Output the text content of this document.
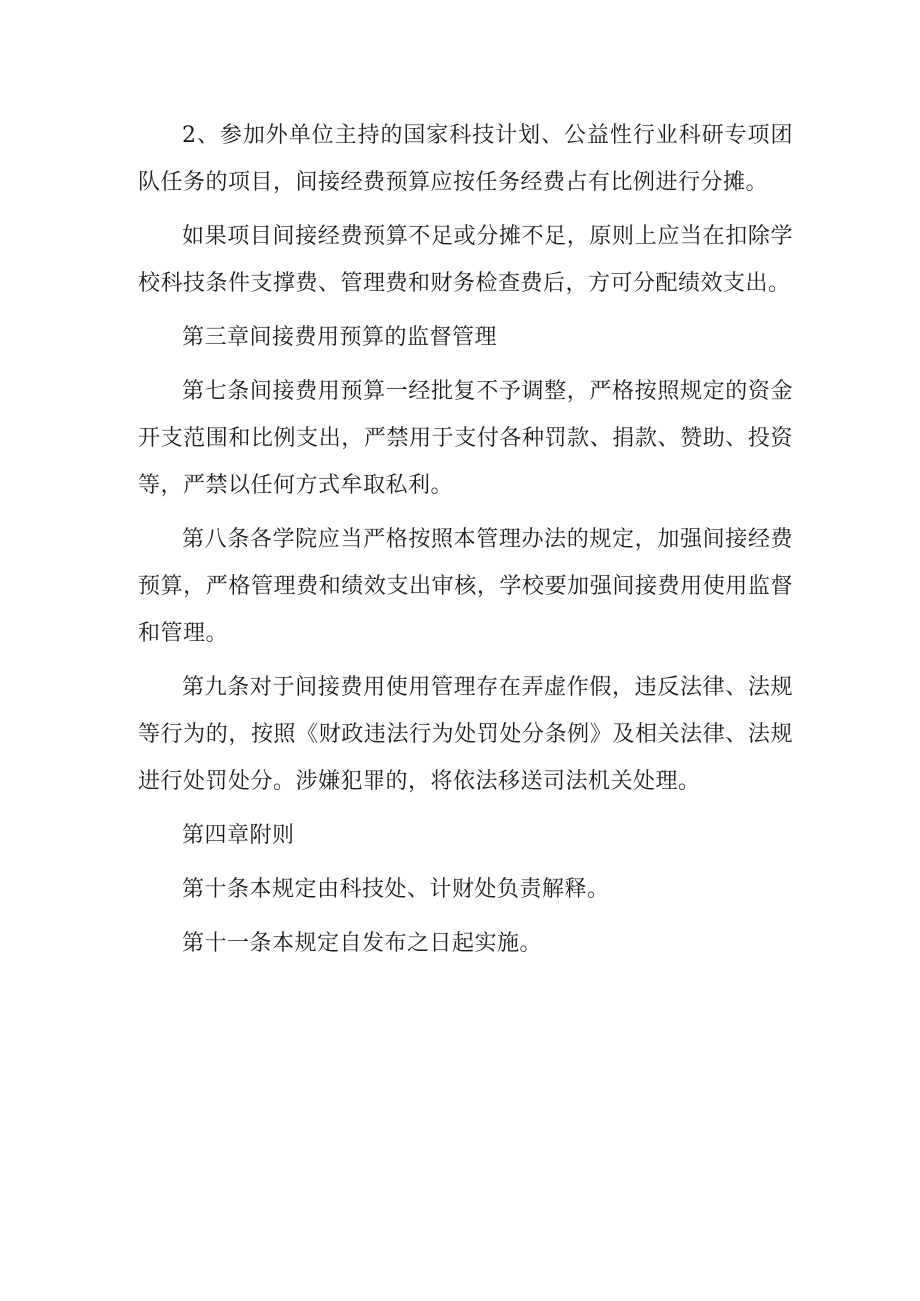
2、参加外单位主持的国家科技计划、公益性行业科研专项团队任务的项目，间接经费预算应按任务经费占有比例进行分摊。

如果项目间接经费预算不足或分摊不足，原则上应当在扣除学校科技条件支撑费、管理费和财务检查费后，方可分配绩效支出。

第三章间接费用预算的监督管理

第七条间接费用预算一经批复不予调整，严格按照规定的资金开支范围和比例支出，严禁用于支付各种罚款、捐款、赞助、投资等，严禁以任何方式牟取私利。

第八条各学院应当严格按照本管理办法的规定，加强间接经费预算，严格管理费和绩效支出审核，学校要加强间接费用使用监督和管理。

第九条对于间接费用使用管理存在弄虚作假，违反法律、法规等行为的，按照《财政违法行为处罚处分条例》及相关法律、法规进行处罚处分。涉嫌犯罪的，将依法移送司法机关处理。

第四章附则

第十条本规定由科技处、计财处负责解释。

第十一条本规定自发布之日起实施。
